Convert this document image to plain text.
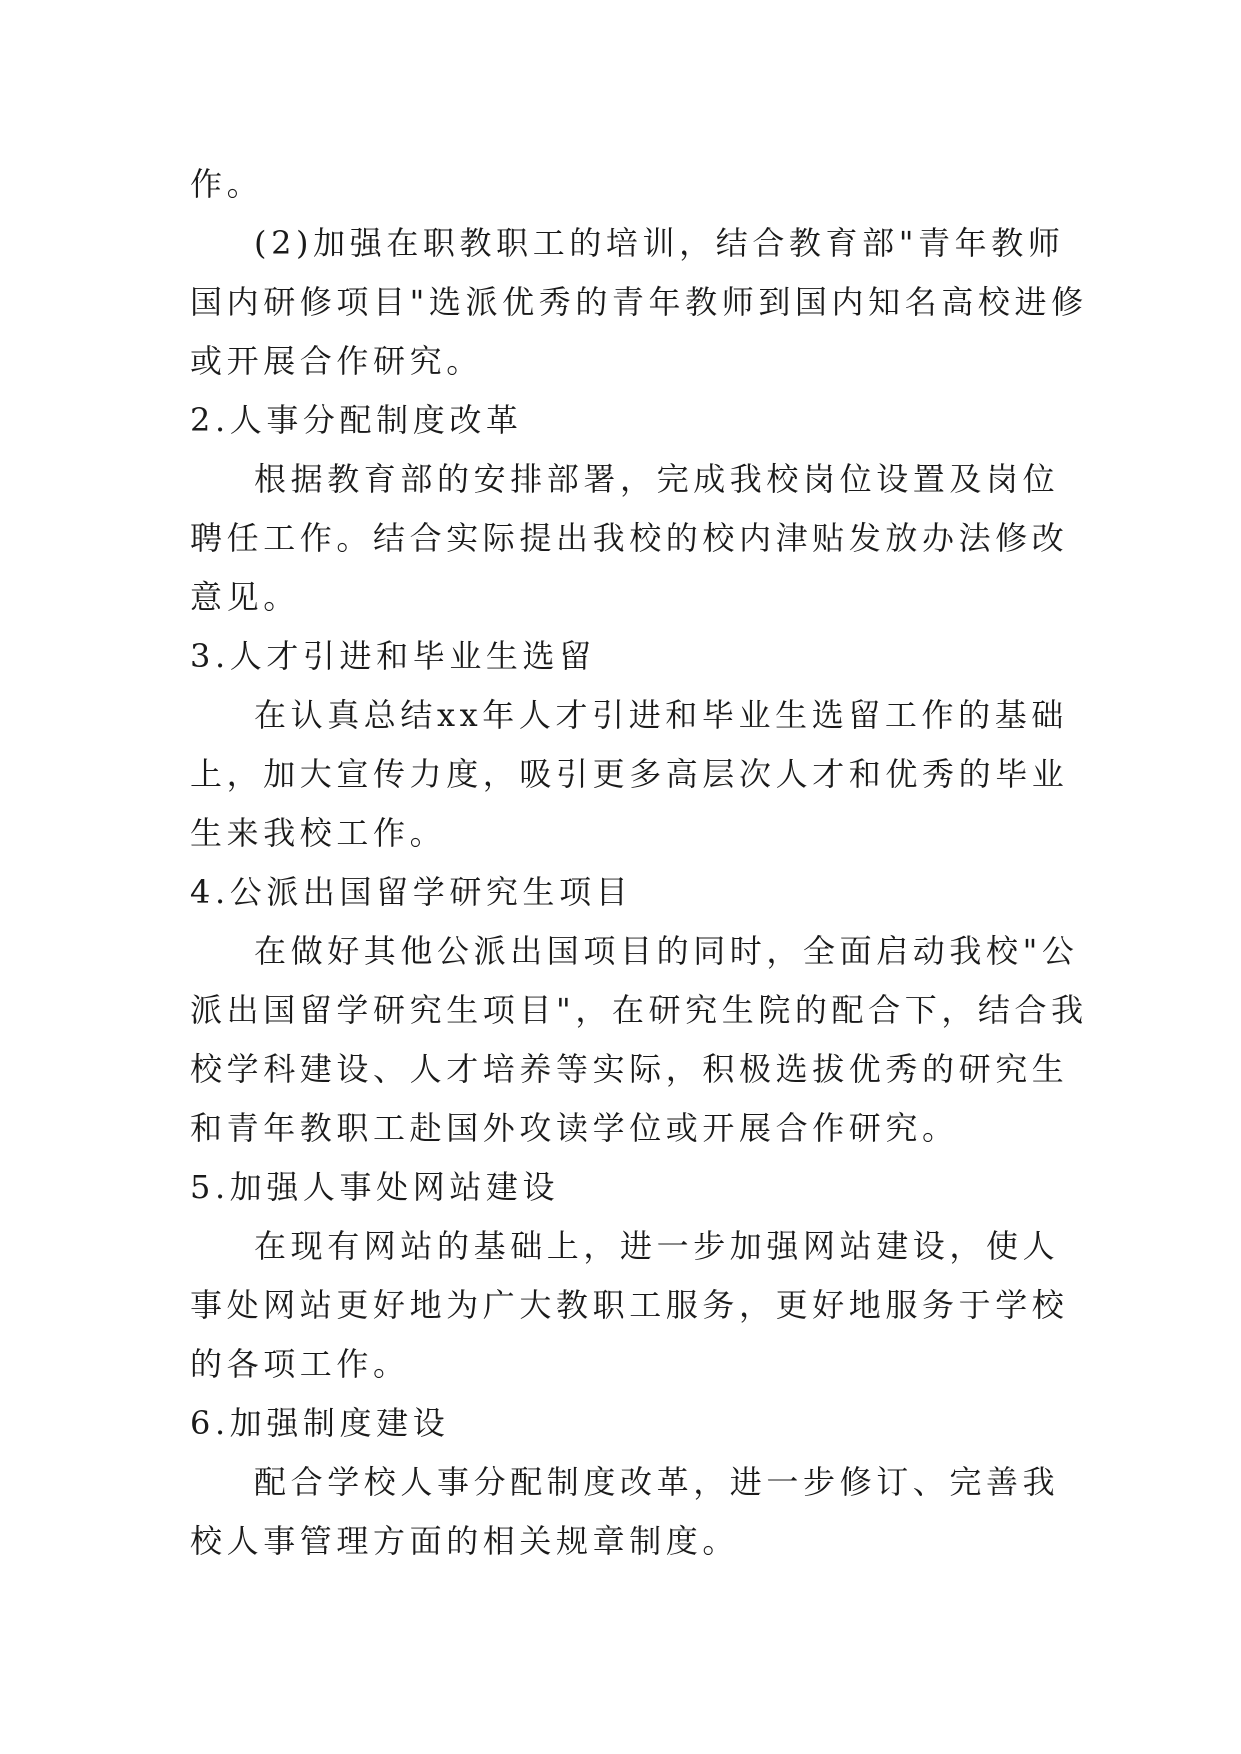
作。

(2)加强在职教职工的培训，结合教育部"青年教师国内研修项目"选派优秀的青年教师到国内知名高校进修或开展合作研究。

2.人事分配制度改革

根据教育部的安排部署，完成我校岗位设置及岗位聘任工作。结合实际提出我校的校内津贴发放办法修改意见。

3.人才引进和毕业生选留

在认真总结xx年人才引进和毕业生选留工作的基础上，加大宣传力度，吸引更多高层次人才和优秀的毕业生来我校工作。

4.公派出国留学研究生项目

在做好其他公派出国项目的同时，全面启动我校"公派出国留学研究生项目"，在研究生院的配合下，结合我校学科建设、人才培养等实际，积极选拔优秀的研究生和青年教职工赴国外攻读学位或开展合作研究。

5.加强人事处网站建设

在现有网站的基础上，进一步加强网站建设，使人事处网站更好地为广大教职工服务，更好地服务于学校的各项工作。

6.加强制度建设

配合学校人事分配制度改革，进一步修订、完善我校人事管理方面的相关规章制度。
